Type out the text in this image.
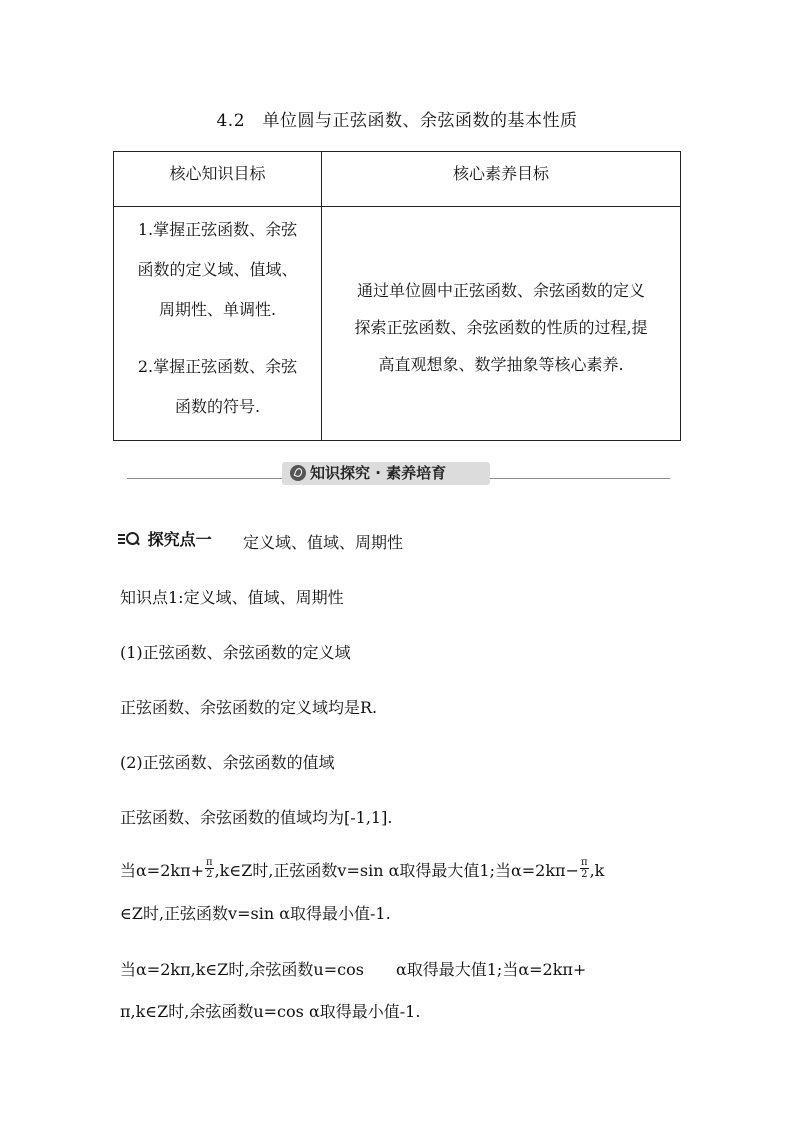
4.2　单位圆与正弦函数、余弦函数的基本性质
核心知识目标	核心素养目标
1.掌握正弦函数、余弦
函数的定义域、值域、
周期性、单调性.
2.掌握正弦函数、余弦
函数的符号.
通过单位圆中正弦函数、余弦函数的定义
探索正弦函数、余弦函数的性质的过程,提
高直观想象、数学抽象等核心素养.
知识探究 · 素养培育
探究点一 定义域、值域、周期性
知识点1:定义域、值域、周期性
(1)正弦函数、余弦函数的定义域
正弦函数、余弦函数的定义域均是R.
(2)正弦函数、余弦函数的值域
正弦函数、余弦函数的值域均为[-1,1].
当$\alpha=2k\pi+ \frac{\pi}{2}$ ,k∈Z时,正弦函数v=sin α取得最大值1;当$\alpha=2k\pi- \frac{\pi}{2} ,k$
∈Z时,正弦函数v=sin α取得最小值-1.
当α=2kπ,k∈Z时,余弦函数u=cos　　α取得最大值1;当α=2kπ+
π,k∈Z时,余弦函数u=cos α取得最小值-1.
